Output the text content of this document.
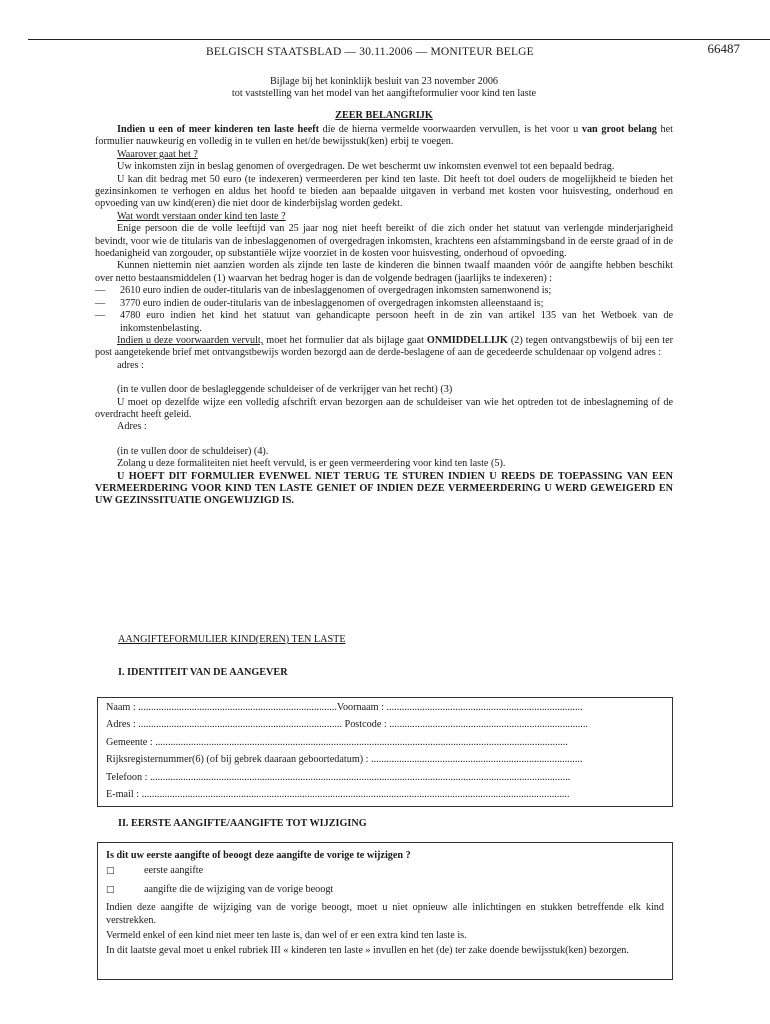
BELGISCH STAATSBLAD — 30.11.2006 — MONITEUR BELGE	66487
Bijlage bij het koninklijk besluit van 23 november 2006
tot vaststelling van het model van het aangifteformulier voor kind ten laste
ZEER BELANGRIJK

Indien u een of meer kinderen ten laste heeft die de hierna vermelde voorwaarden vervullen, is het voor u van groot belang het formulier nauwkeurig en volledig in te vullen en het/de bewijsstuk(ken) erbij te voegen.

Waarover gaat het ?

Uw inkomsten zijn in beslag genomen of overgedragen. De wet beschermt uw inkomsten evenwel tot een bepaald bedrag.

U kan dit bedrag met 50 euro (te indexeren) vermeerderen per kind ten laste. Dit heeft tot doel ouders de mogelijkheid te bieden het gezinsinkomen te verhogen en aldus het hoofd te bieden aan bepaalde uitgaven in verband met kosten voor huisvesting, onderhoud en opvoeding van uw kind(eren) die niet door de kinderbijslag worden gedekt.

Wat wordt verstaan onder kind ten laste ?

Enige persoon die de volle leeftijd van 25 jaar nog niet heeft bereikt of die zich onder het statuut van verlengde minderjarigheid bevindt, voor wie de titularis van de inbeslaggenomen of overgedragen inkomsten, krachtens een afstammingsband in de eerste graad of in de hoedanigheid van zorgouder, op substantiële wijze voorziet in de kosten voor huisvesting, onderhoud of opvoeding.

Kunnen niettemin niet aanzien worden als zijnde ten laste de kinderen die binnen twaalf maanden vóór de aangifte hebben beschikt over netto bestaansmiddelen (1) waarvan het bedrag hoger is dan de volgende bedragen (jaarlijks te indexeren) :

—	2610 euro indien de ouder-titularis van de inbeslaggenomen of overgedragen inkomsten samenwonend is;
—	3770 euro indien de ouder-titularis van de inbeslaggenomen of overgedragen inkomsten alleenstaand is;
—	4780 euro indien het kind het statuut van gehandicapte persoon heeft in de zin van artikel 135 van het Wetboek van de inkomstenbelasting.

Indien u deze voorwaarden vervult, moet het formulier dat als bijlage gaat ONMIDDELLIJK (2) tegen ontvangstbewijs of bij een ter post aangetekende brief met ontvangstbewijs worden bezorgd aan de derde-beslagene of aan de gecedeerde schuldenaar op volgend adres :

adres :

(in te vullen door de beslagleggende schuldeiser of de verkrijger van het recht) (3)

U moet op dezelfde wijze een volledig afschrift ervan bezorgen aan de schuldeiser van wie het optreden tot de inbeslagneming of de overdracht heeft geleid.

Adres :

(in te vullen door de schuldeiser) (4).

Zolang u deze formaliteiten niet heeft vervuld, is er geen vermeerdering voor kind ten laste (5).

U HOEFT DIT FORMULIER EVENWEL NIET TERUG TE STUREN INDIEN U REEDS DE TOEPASSING VAN EEN VERMEERDERING VOOR KIND TEN LASTE GENIET OF INDIEN DEZE VERMEERDERING U WERD GEWEIGERD EN UW GEZINSSITUATIE ONGEWIJZIGD IS.

AANGIFTEFORMULIER KIND(EREN) TEN LASTE
I. IDENTITEIT VAN DE AANGEVER
Naam : ..............................................................................Voornaam : .............................................................................
Adres : ................................................................................ Postcode : ..............................................................................
Gemeente : ..................................................................................................................................................................
Rijksregisternummer(6) (of bij gebrek daaraan geboortedatum) : ...................................................................................
Telefoon : .....................................................................................................................................................................
E-mail : ........................................................................................................................................................................
II. EERSTE AANGIFTE/AANGIFTE TOT WIJZIGING
Is dit uw eerste aangifte of beoogt deze aangifte de vorige te wijzigen ?
□	eerste aangifte
□	aangifte die de wijziging van de vorige beoogt

Indien deze aangifte de wijziging van de vorige beoogt, moet u niet opnieuw alle inlichtingen en stukken betreffende elk kind verstrekken.

Vermeld enkel of een kind niet meer ten laste is, dan wel of er een extra kind ten laste is.

In dit laatste geval moet u enkel rubriek III « kinderen ten laste » invullen en het (de) ter zake doende bewijsstuk(ken) bezorgen.
